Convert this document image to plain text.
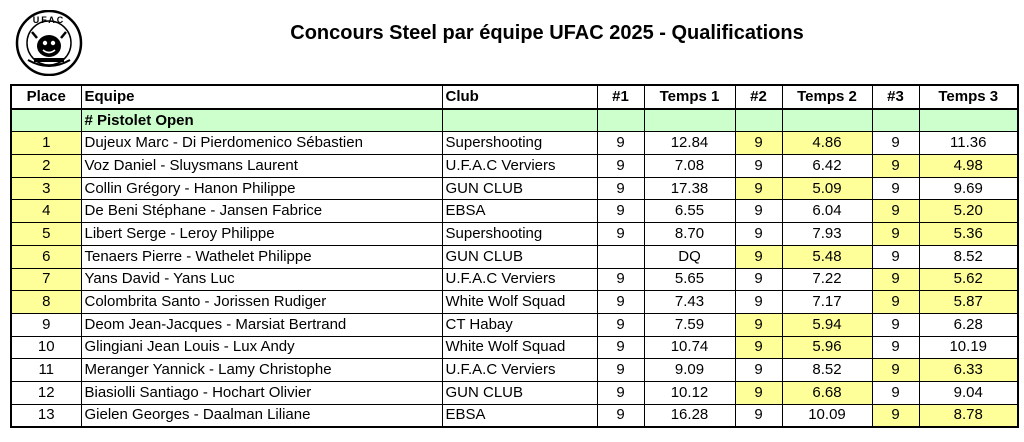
UFAC
Concours Steel par équipe UFAC 2025 - Qualifications
Place	Equipe	Club	#1	Temps 1	#2	Temps 2	#3	Temps 3
	# Pistolet Open							
1	Dujeux Marc - Di Pierdomenico Sébastien	Supershooting	9	12.84	9	4.86	9	11.36
2	Voz Daniel - Sluysmans Laurent	U.F.A.C Verviers	9	7.08	9	6.42	9	4.98
3	Collin Grégory - Hanon Philippe	GUN CLUB	9	17.38	9	5.09	9	9.69
4	De Beni Stéphane - Jansen Fabrice	EBSA	9	6.55	9	6.04	9	5.20
5	Libert Serge - Leroy Philippe	Supershooting	9	8.70	9	7.93	9	5.36
6	Tenaers Pierre - Wathelet Philippe	GUN CLUB		DQ	9	5.48	9	8.52
7	Yans David - Yans Luc	U.F.A.C Verviers	9	5.65	9	7.22	9	5.62
8	Colombrita Santo - Jorissen Rudiger	White Wolf Squad	9	7.43	9	7.17	9	5.87
9	Deom Jean-Jacques - Marsiat Bertrand	CT Habay	9	7.59	9	5.94	9	6.28
10	Glingiani Jean Louis - Lux Andy	White Wolf Squad	9	10.74	9	5.96	9	10.19
11	Meranger Yannick - Lamy Christophe	U.F.A.C Verviers	9	9.09	9	8.52	9	6.33
12	Biasiolli Santiago - Hochart Olivier	GUN CLUB	9	10.12	9	6.68	9	9.04
13	Gielen Georges - Daalman Liliane	EBSA	9	16.28	9	10.09	9	8.78
